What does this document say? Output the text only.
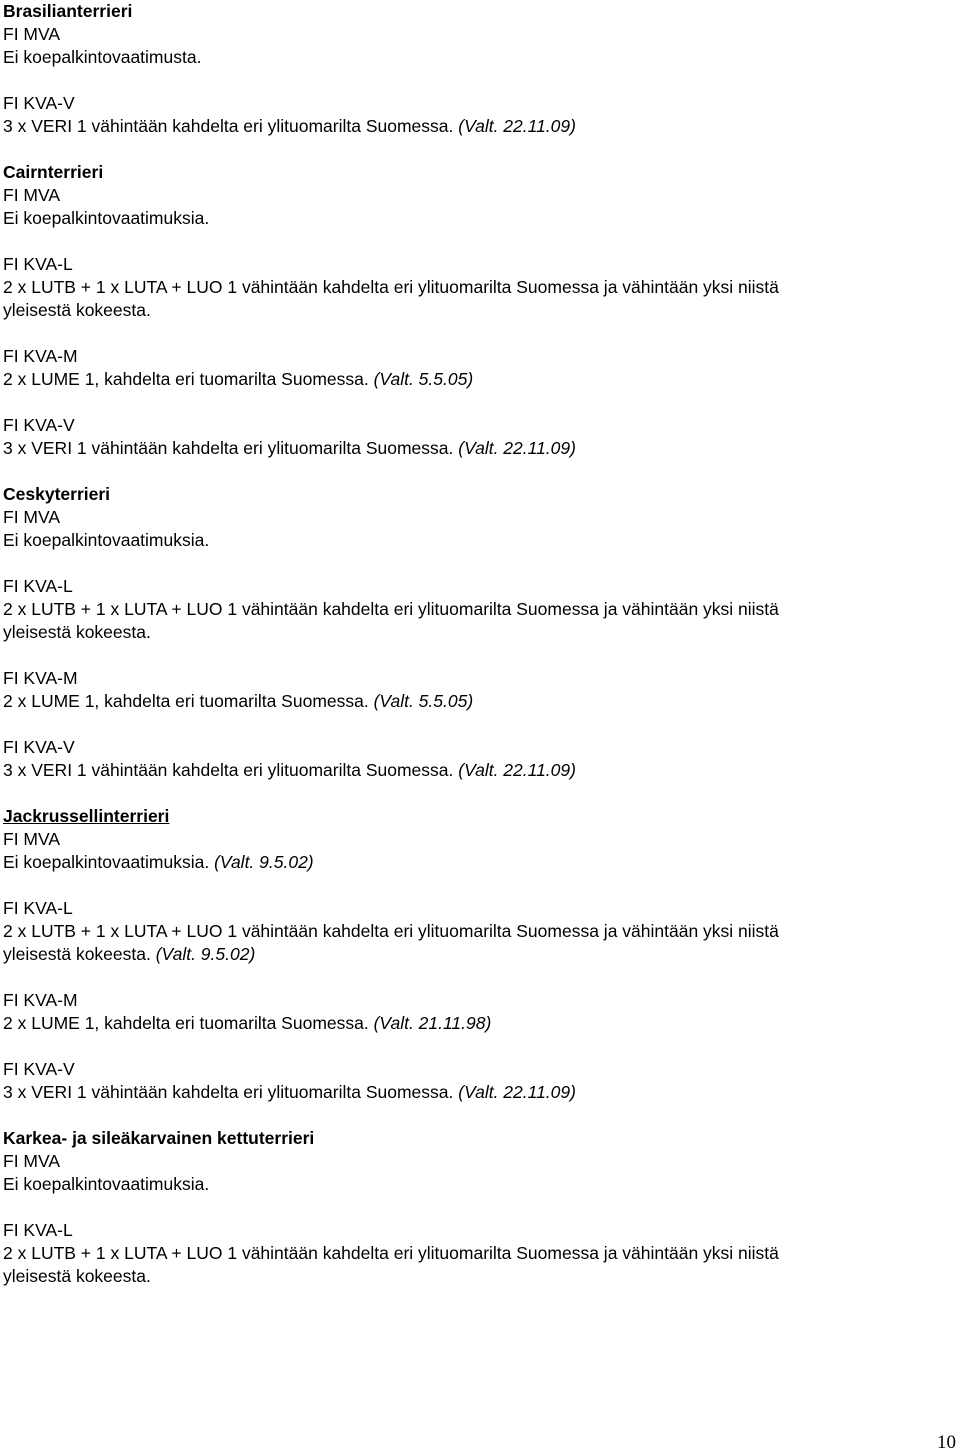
Brasilianterrieri
FI MVA
Ei koepalkintovaatimusta.
FI KVA-V
3 x VERI 1 vähintään kahdelta eri ylituomarilta Suomessa. (Valt. 22.11.09)
Cairnterrieri
FI MVA
Ei koepalkintovaatimuksia.
FI KVA-L
2 x LUTB + 1 x LUTA + LUO 1 vähintään kahdelta eri ylituomarilta Suomessa ja vähintään yksi niistä
yleisestä kokeesta.
FI KVA-M
2 x LUME 1, kahdelta eri tuomarilta Suomessa. (Valt. 5.5.05)
FI KVA-V
3 x VERI 1 vähintään kahdelta eri ylituomarilta Suomessa. (Valt. 22.11.09)
Ceskyterrieri
FI MVA
Ei koepalkintovaatimuksia.
FI KVA-L
2 x LUTB + 1 x LUTA + LUO 1 vähintään kahdelta eri ylituomarilta Suomessa ja vähintään yksi niistä
yleisestä kokeesta.
FI KVA-M
2 x LUME 1, kahdelta eri tuomarilta Suomessa. (Valt. 5.5.05)
FI KVA-V
3 x VERI 1 vähintään kahdelta eri ylituomarilta Suomessa. (Valt. 22.11.09)
Jackrussellinterrieri
FI MVA
Ei koepalkintovaatimuksia. (Valt. 9.5.02)
FI KVA-L
2 x LUTB + 1 x LUTA + LUO 1 vähintään kahdelta eri ylituomarilta Suomessa ja vähintään yksi niistä
yleisestä kokeesta. (Valt. 9.5.02)
FI KVA-M
2 x LUME 1, kahdelta eri tuomarilta Suomessa. (Valt. 21.11.98)
FI KVA-V
3 x VERI 1 vähintään kahdelta eri ylituomarilta Suomessa. (Valt. 22.11.09)
Karkea- ja sileäkarvainen kettuterrieri
FI MVA
Ei koepalkintovaatimuksia.
FI KVA-L
2 x LUTB + 1 x LUTA + LUO 1 vähintään kahdelta eri ylituomarilta Suomessa ja vähintään yksi niistä
yleisestä kokeesta.
10
